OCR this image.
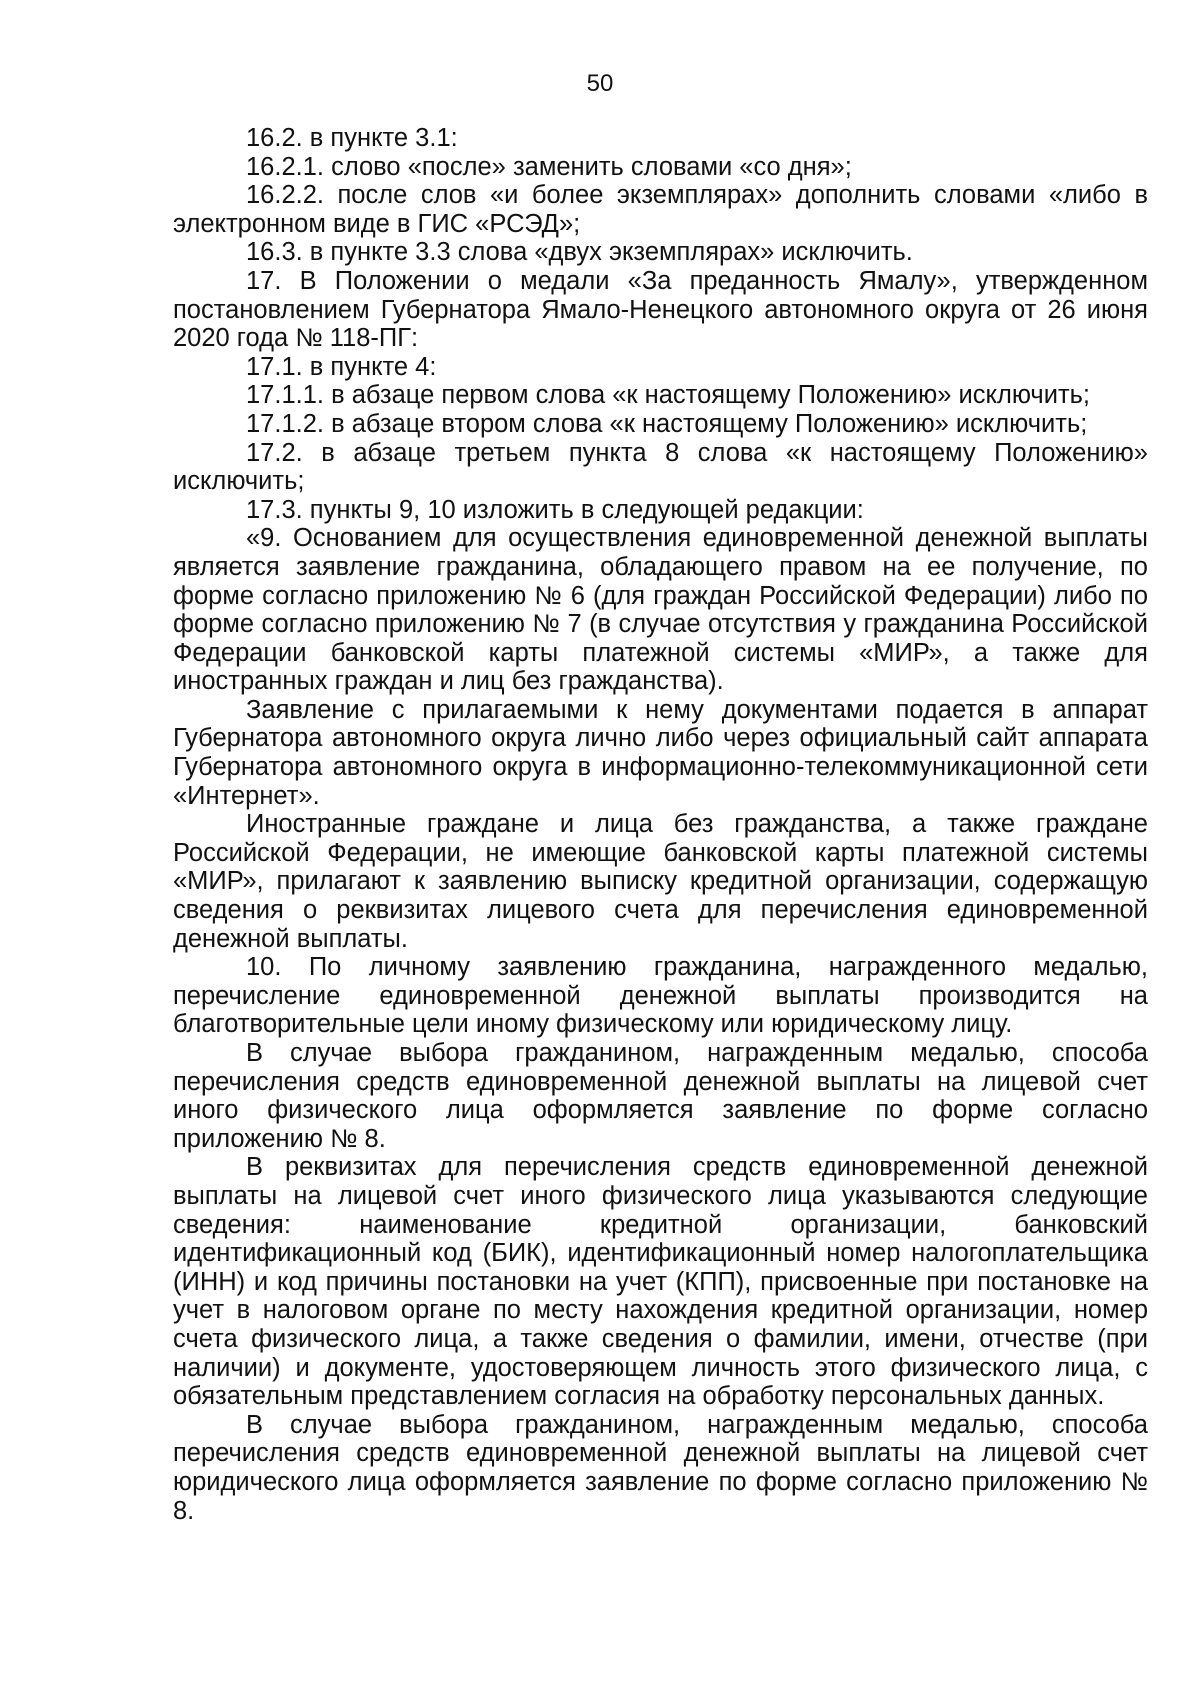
50

16.2. в пункте 3.1:

16.2.1. слово «после» заменить словами «со дня»;

16.2.2. после слов «и более экземплярах» дополнить словами «либо в электронном виде в ГИС «РСЭД»;

16.3. в пункте 3.3 слова «двух экземплярах» исключить.

17. В Положении о медали «За преданность Ямалу», утвержденном постановлением Губернатора Ямало-Ненецкого автономного округа от 26 июня 2020 года № 118-ПГ:

17.1. в пункте 4:

17.1.1. в абзаце первом слова «к настоящему Положению» исключить;

17.1.2. в абзаце втором слова «к настоящему Положению» исключить;

17.2. в абзаце третьем пункта 8 слова «к настоящему Положению» исключить;

17.3. пункты 9, 10 изложить в следующей редакции:

«9. Основанием для осуществления единовременной денежной выплаты является заявление гражданина, обладающего правом на ее получение, по форме согласно приложению № 6 (для граждан Российской Федерации) либо по форме согласно приложению № 7 (в случае отсутствия у гражданина Российской Федерации банковской карты платежной системы «МИР», а также для иностранных граждан и лиц без гражданства).

Заявление с прилагаемыми к нему документами подается в аппарат Губернатора автономного округа лично либо через официальный сайт аппарата Губернатора автономного округа в информационно-телекоммуникационной сети «Интернет».

Иностранные граждане и лица без гражданства, а также граждане Российской Федерации, не имеющие банковской карты платежной системы «МИР», прилагают к заявлению выписку кредитной организации, содержащую сведения о реквизитах лицевого счета для перечисления единовременной денежной выплаты.

10. По личному заявлению гражданина, награжденного медалью, перечисление единовременной денежной выплаты производится на благотворительные цели иному физическому или юридическому лицу.

В случае выбора гражданином, награжденным медалью, способа перечисления средств единовременной денежной выплаты на лицевой счет иного физического лица оформляется заявление по форме согласно приложению № 8.

В реквизитах для перечисления средств единовременной денежной выплаты на лицевой счет иного физического лица указываются следующие сведения: наименование кредитной организации, банковский идентификационный код (БИК), идентификационный номер налогоплательщика (ИНН) и код причины постановки на учет (КПП), присвоенные при постановке на учет в налоговом органе по месту нахождения кредитной организации, номер счета физического лица, а также сведения о фамилии, имени, отчестве (при наличии) и документе, удостоверяющем личность этого физического лица, с обязательным представлением согласия на обработку персональных данных.

В случае выбора гражданином, награжденным медалью, способа перечисления средств единовременной денежной выплаты на лицевой счет юридического лица оформляется заявление по форме согласно приложению № 8.
